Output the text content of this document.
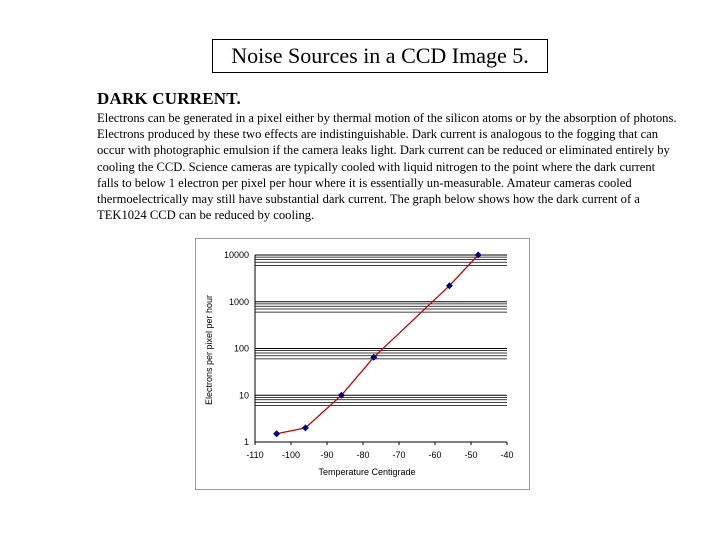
Noise Sources in a CCD Image 5.
DARK CURRENT.
Electrons can be generated in a pixel either by thermal motion of the silicon atoms or by the absorption of photons. Electrons produced by these two effects are indistinguishable. Dark current is analogous to the fogging that can occur with photographic emulsion if the camera leaks light. Dark current can be reduced or eliminated entirely by cooling the CCD. Science cameras are typically cooled with liquid nitrogen to the point where the dark current falls to below 1 electron per pixel per hour where it is essentially un-measurable. Amateur cameras cooled thermoelectrically may still have substantial dark current. The graph below shows how the dark current of a TEK1024 CCD can be reduced by cooling.
1
10
100
1000
10000
-110 -100 -90	-80	-70	-60	-50	-40
Temperature Centigrade
Electrons per pixel per hour
